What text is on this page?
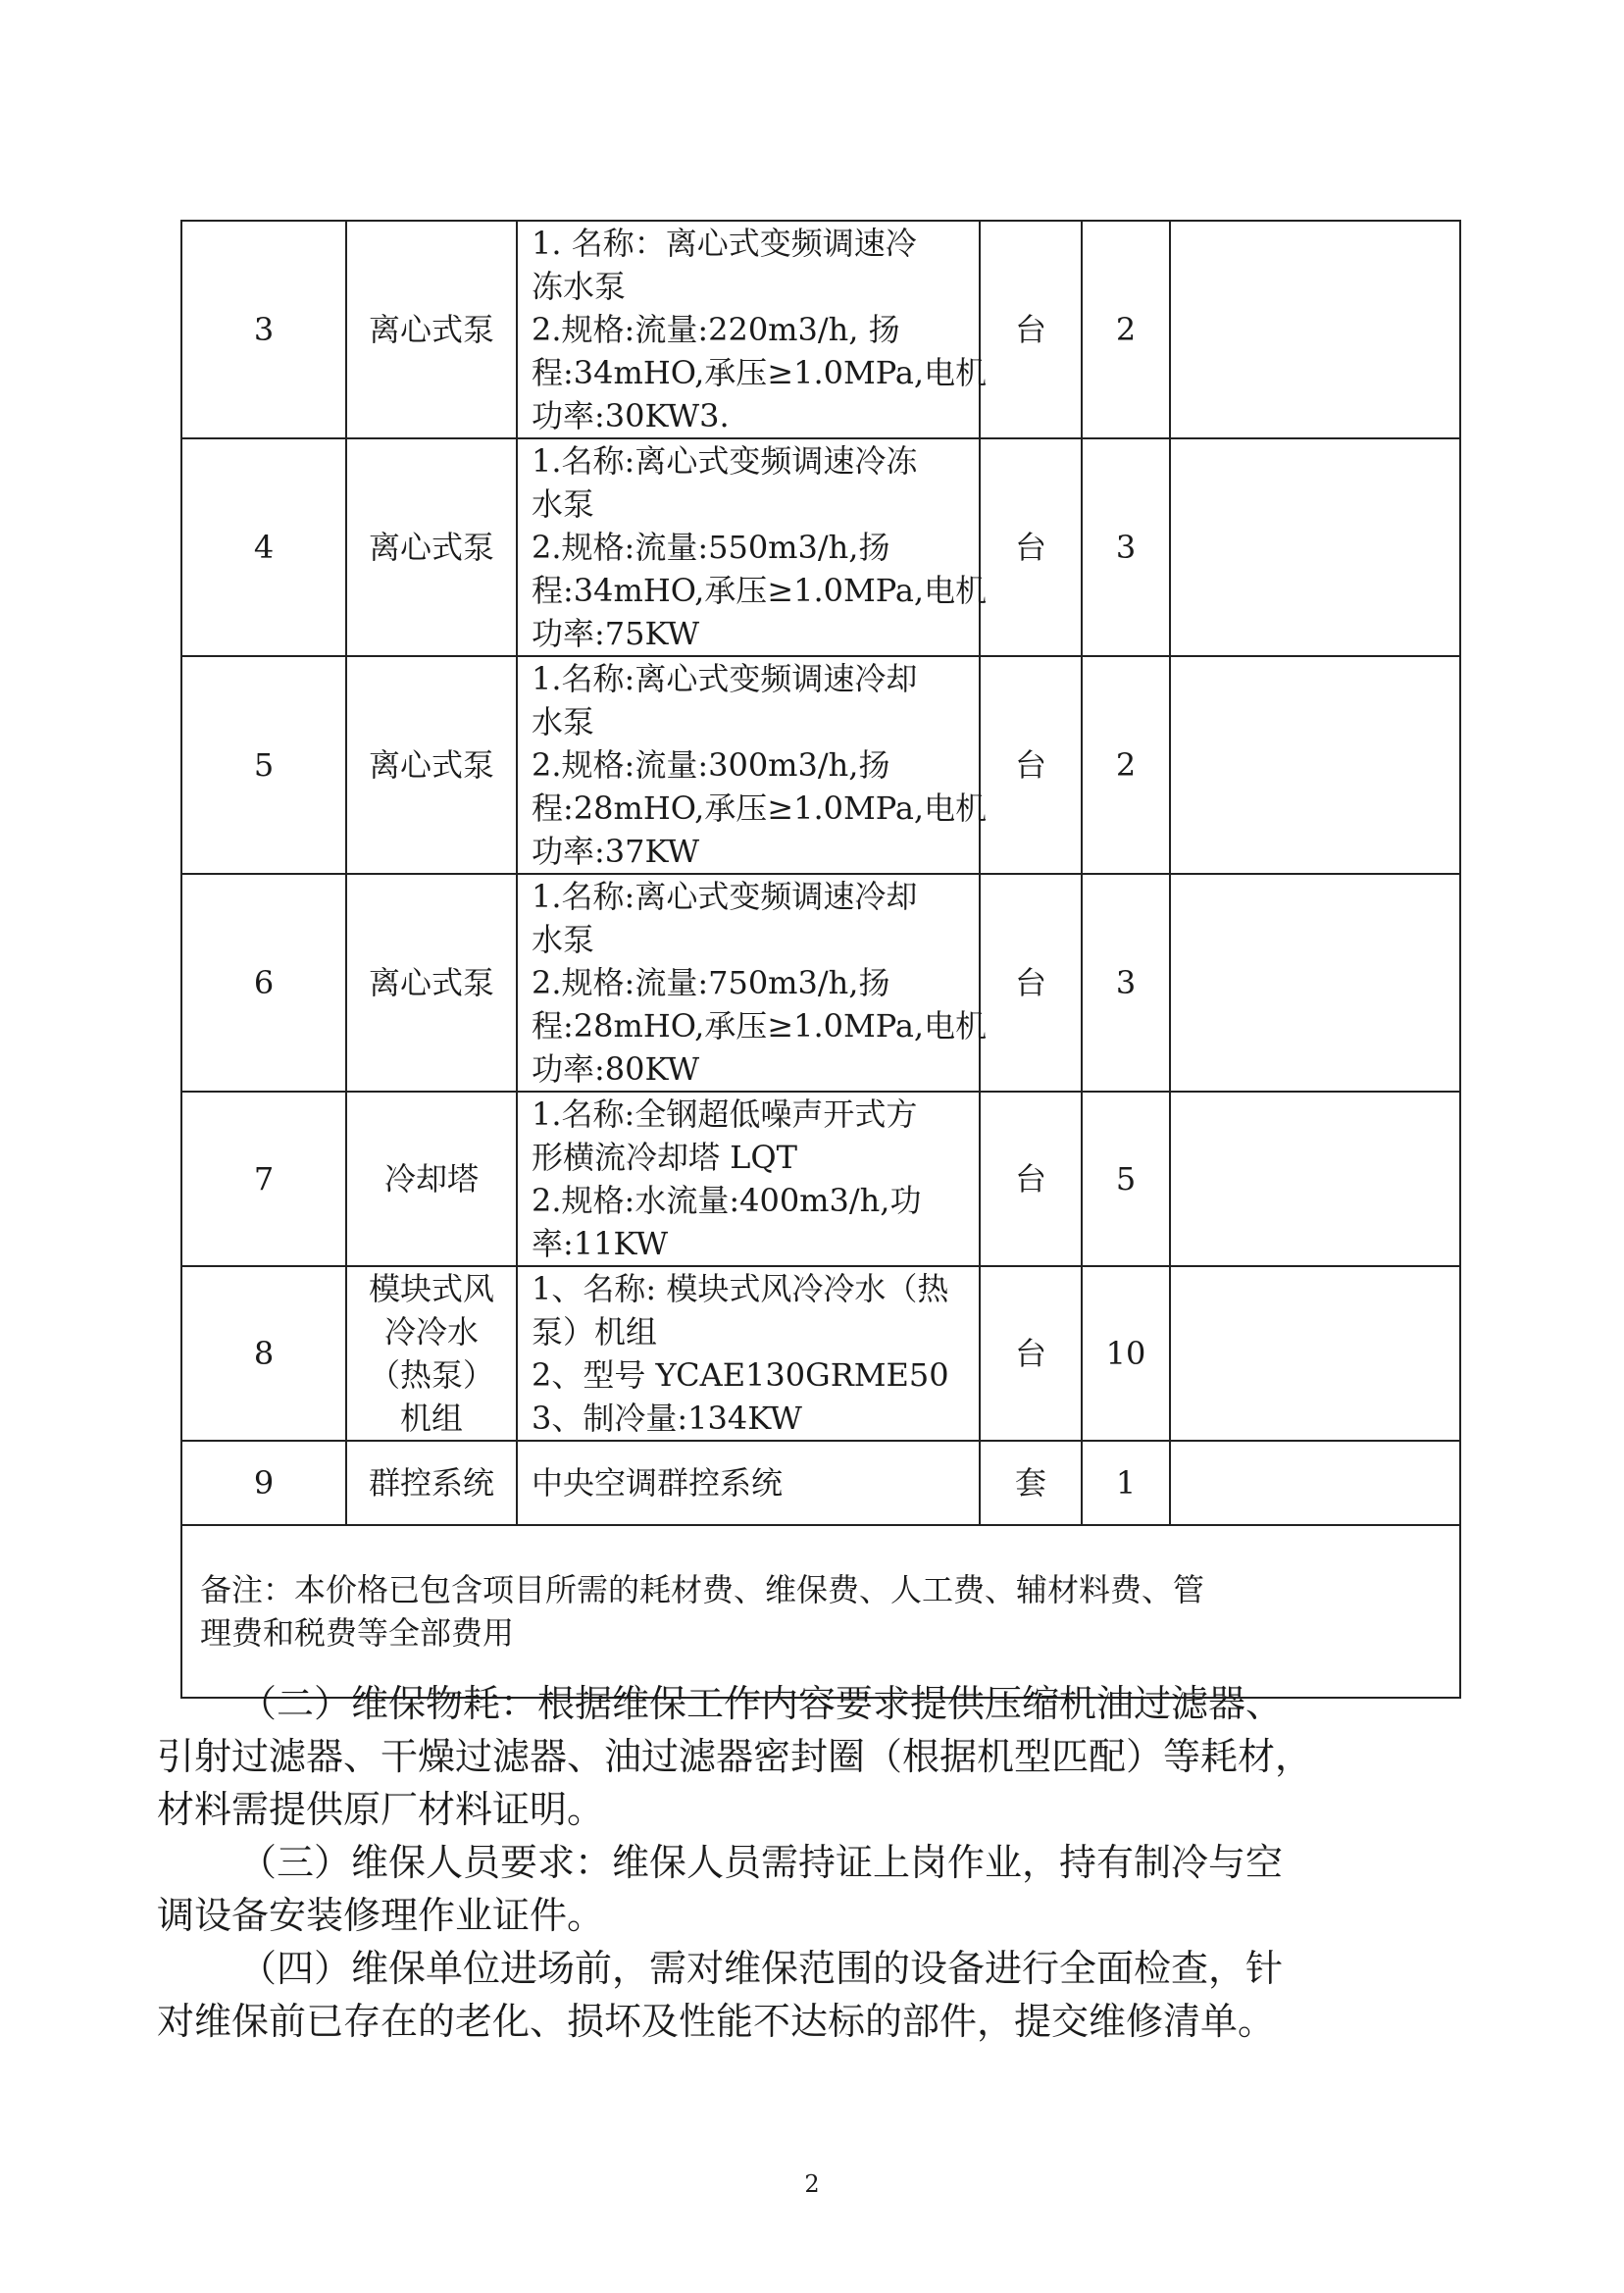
3	离心式泵	1. 名称：离心式变频调速冷
冻水泵
2.规格:流量:220m3/h, 扬
程:34mHO,承压≥1.0MPa,电机
功率:30KW3.	台	2	
4	离心式泵	1.名称:离心式变频调速冷冻
水泵
2.规格:流量:550m3/h,扬
程:34mHO,承压≥1.0MPa,电机
功率:75KW	台	3	
5	离心式泵	1.名称:离心式变频调速冷却
水泵
2.规格:流量:300m3/h,扬
程:28mHO,承压≥1.0MPa,电机
功率:37KW	台	2	
6	离心式泵	1.名称:离心式变频调速冷却
水泵
2.规格:流量:750m3/h,扬
程:28mHO,承压≥1.0MPa,电机
功率:80KW	台	3	
7	冷却塔	1.名称:全钢超低噪声开式方
形横流冷却塔 LQT
2.规格:水流量:400m3/h,功
率:11KW	台	5	
8	模块式风
冷冷水
（热泵）
机组	1、名称: 模块式风冷冷水（热
泵）机组
2、型号 YCAE130GRME50
3、制冷量:134KW	台	10	
9	群控系统	中央空调群控系统	套	1	

备注：本价格已包含项目所需的耗材费、维保费、人工费、辅材料费、管
理费和税费等全部费用					
（二）维保物耗：根据维保工作内容要求提供压缩机油过滤器、
引射过滤器、干燥过滤器、油过滤器密封圈（根据机型匹配）等耗材，
材料需提供原厂材料证明。
（三）维保人员要求：维保人员需持证上岗作业，持有制冷与空
调设备安装修理作业证件。
（四）维保单位进场前，需对维保范围的设备进行全面检查，针
对维保前已存在的老化、损坏及性能不达标的部件，提交维修清单。
2
